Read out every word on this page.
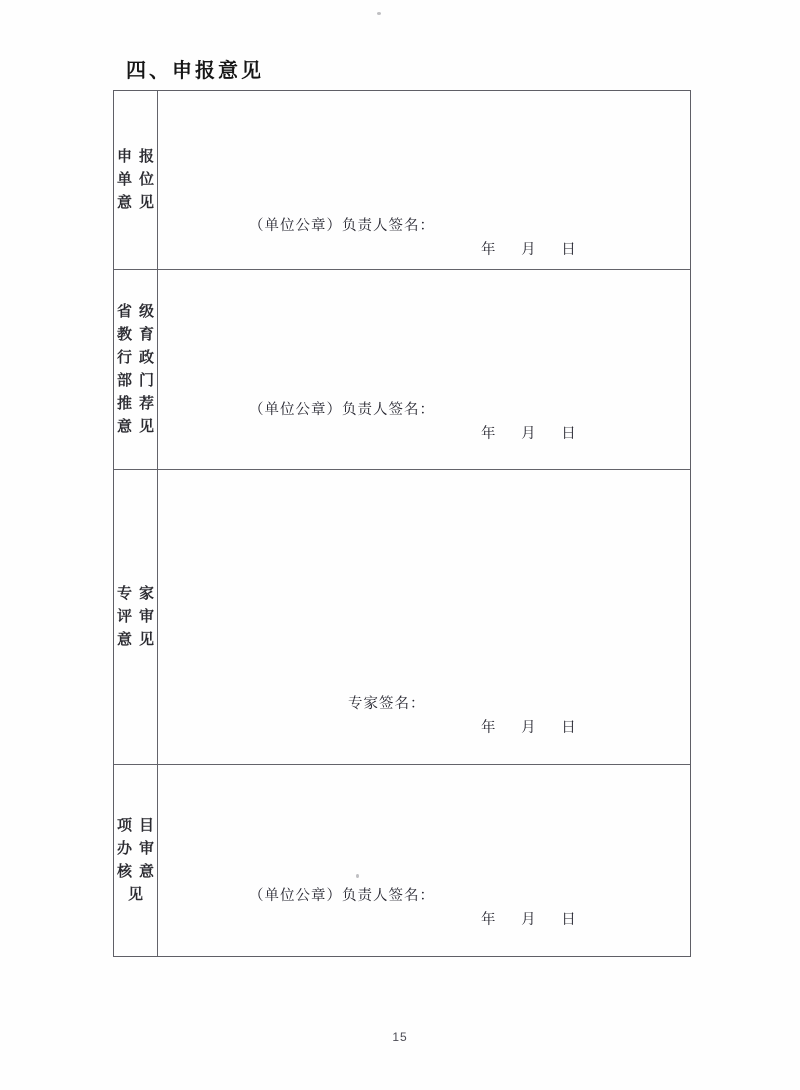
四、申报意见
申报
单位
意见
（单位公章）负责人签名：
年 月 日
省级
教育
行政
部门
推荐
意见
（单位公章）负责人签名：
年 月 日
专家
评审
意见
专家签名：
年 月 日
项目
办审
核意
见	（单位公章）负责人签名：
年 月 日
15
